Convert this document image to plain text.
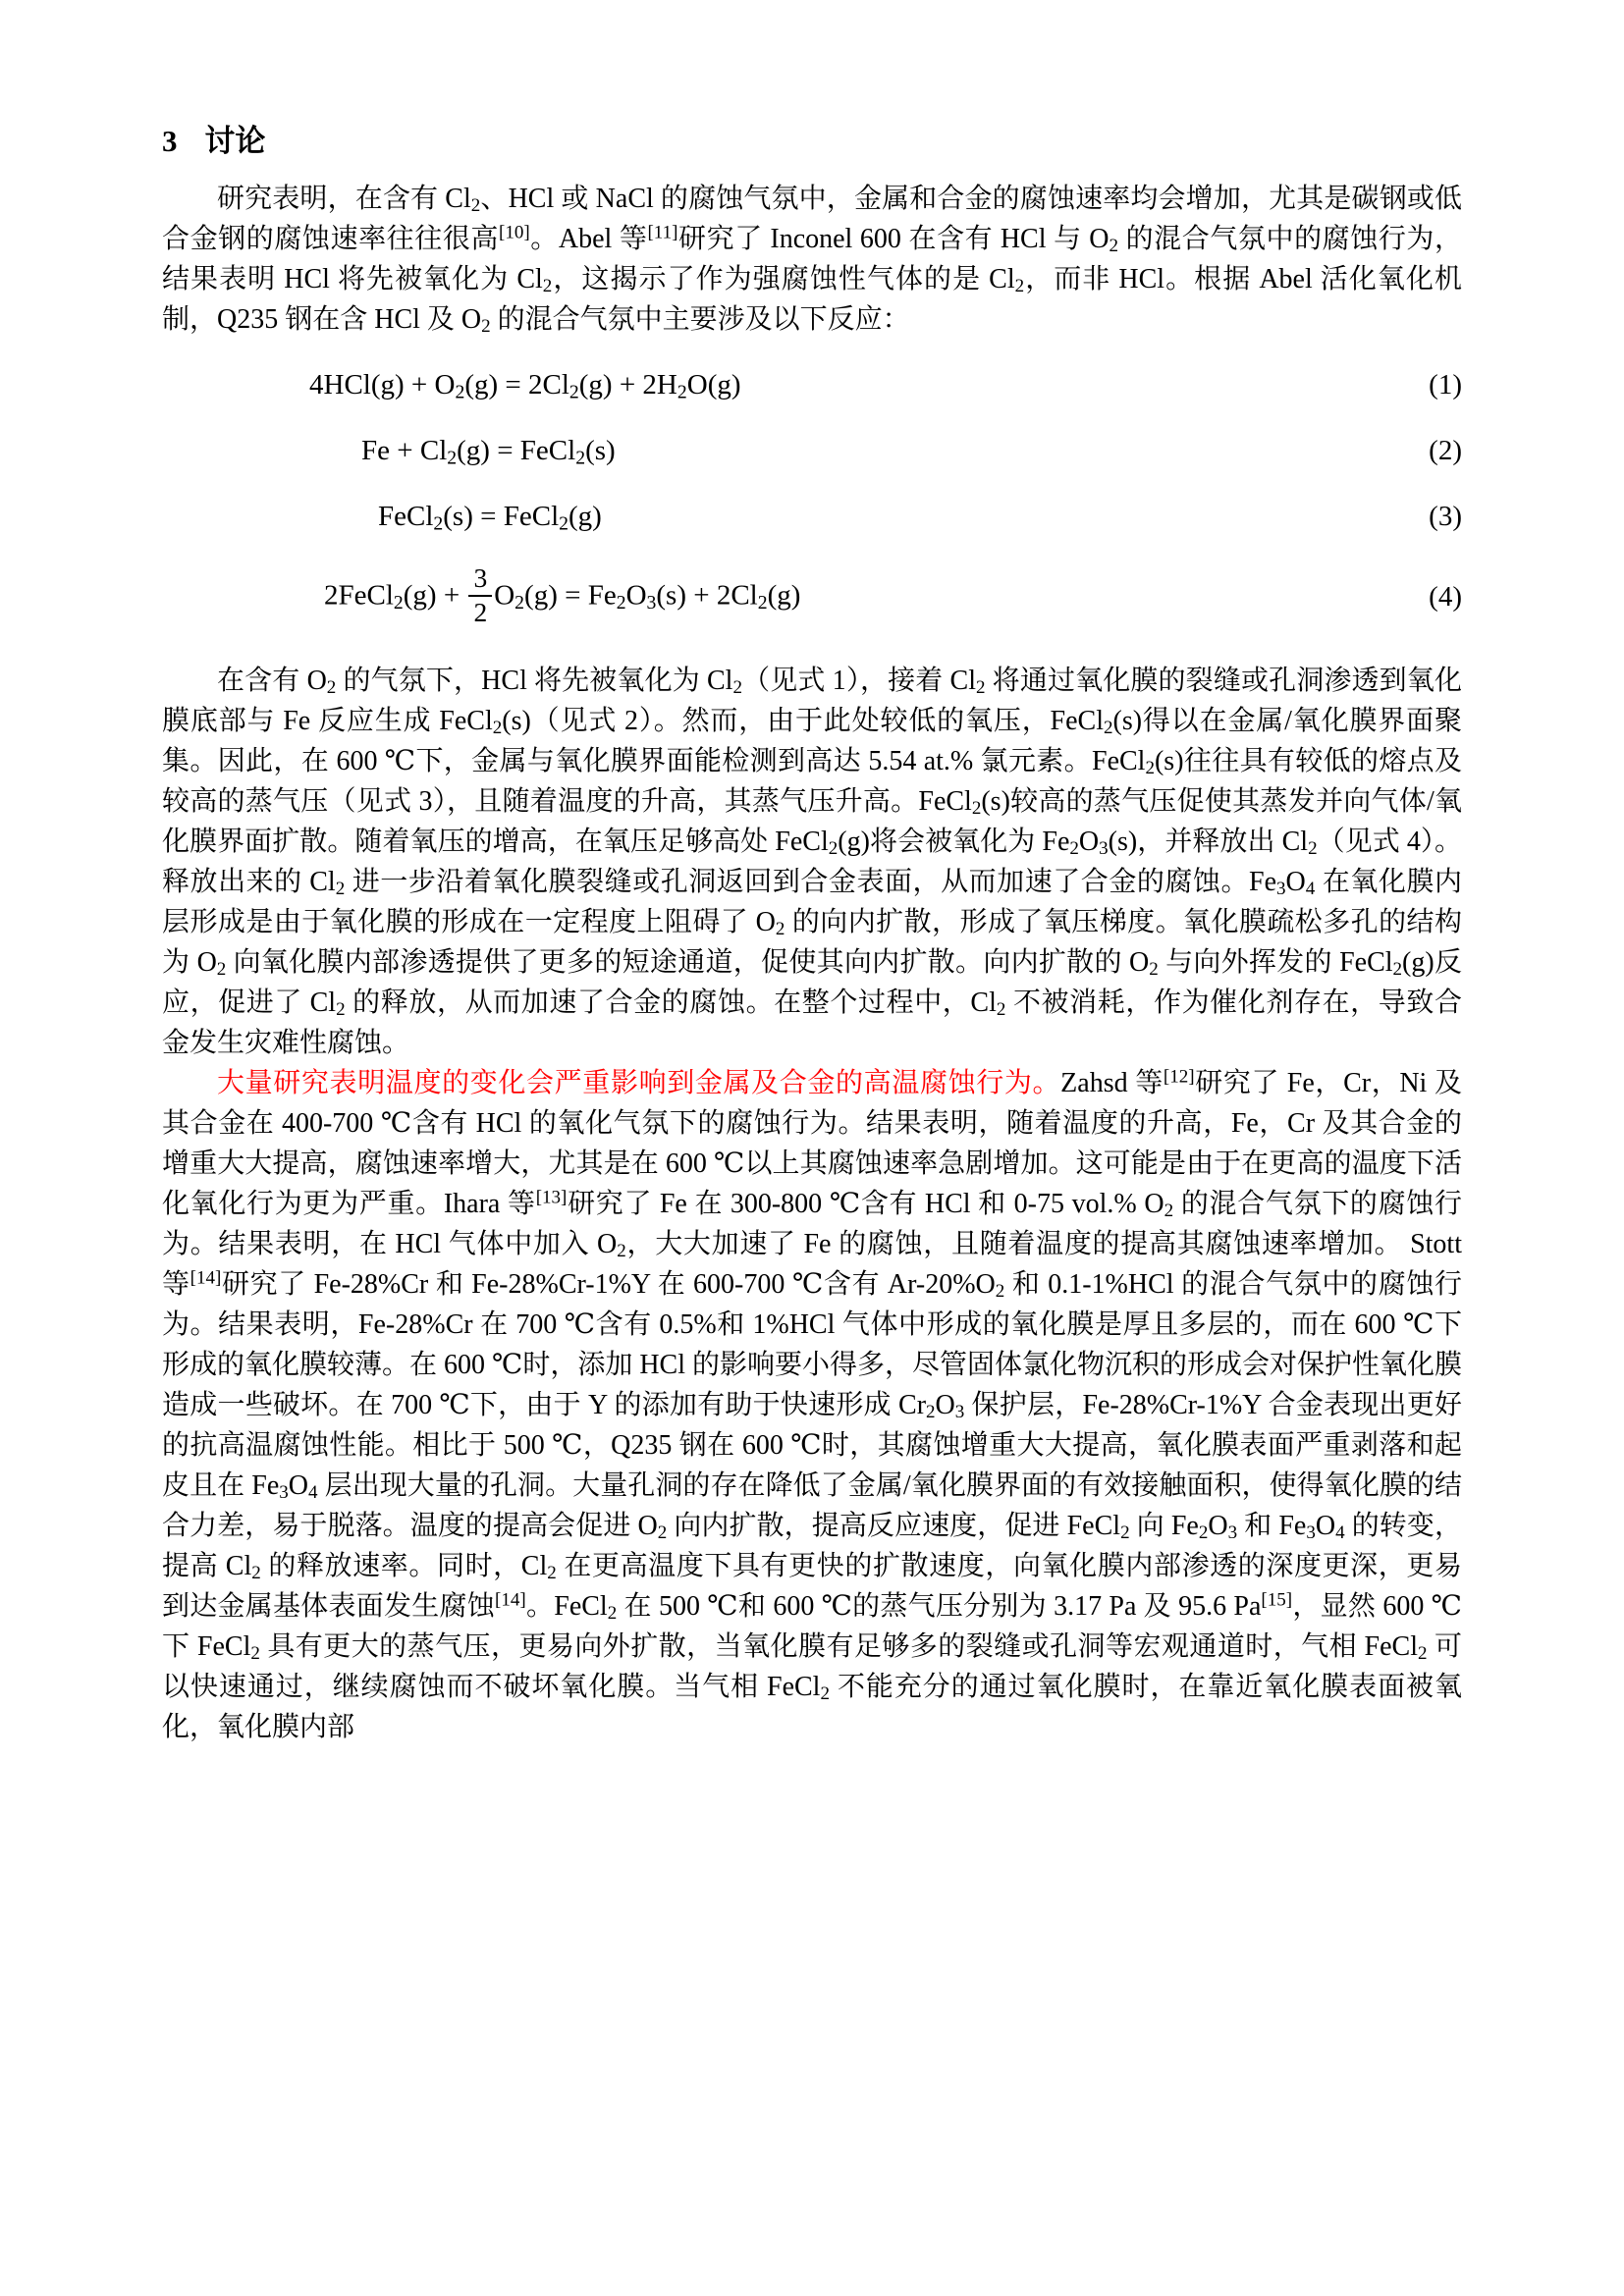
3 讨论

研究表明，在含有 $Cl_2$、HCl 或 NaCl 的腐蚀气氛中，金属和合金的腐蚀速率均会增加，尤其是碳钢或低合金钢的腐蚀速率往往很高[10]。Abel 等[11]研究了 Inconel 600 在含有 HCl 与 $O_2$ 的混合气氛中的腐蚀行为，结果表明 HCl 将先被氧化为 $Cl_2$，这揭示了作为强腐蚀性气体的是 $Cl_2$，而非 HCl。根据 Abel 活化氧化机制，Q235 钢在含 HCl 及 $O_2$ 的混合气氛中主要涉及以下反应：

$4HCl(g) + O_2(g) = 2Cl_2(g) + 2H_2O(g)$	(1)
$Fe + Cl_2(g)$ = FeCl$_2$(s)	(2)
FeCl$_2$(s) = FeCl$_2$(g)	(3)
2FeCl$_2$(g) + $\frac{3}{2} O_2(g) = Fe_2O_3(s) + 2Cl_2(g)$	(4)

在含有 $O_2$ 的气氛下，HCl 将先被氧化为 $Cl_2$（见式 1），接着 $Cl_2$ 将通过氧化膜的裂缝或孔洞渗透到氧化膜底部与 Fe 反应生成 FeCl$_2$(s)（见式 2）。然而，由于此处较低的氧压，FeCl$_2$(s)得以在金属/氧化膜界面聚集。因此，在 600 ℃下，金属与氧化膜界面能检测到高达 5.54 at.% 氯元素。FeCl$_2$(s)往往具有较低的熔点及较高的蒸气压（见式 3），且随着温度的升高，其蒸气压升高。FeCl$_2$(s)较高的蒸气压促使其蒸发并向气体/氧化膜界面扩散。随着氧压的增高，在氧压足够高处 FeCl$_2$(g)将会被氧化为 $Fe_2O_3(s)$，并释放出 $Cl_2$（见式 4）。释放出来的 $Cl_2$ 进一步沿着氧化膜裂缝或孔洞返回到合金表面，从而加速了合金的腐蚀。$Fe_3O_4$ 在氧化膜内层形成是由于氧化膜的形成在一定程度上阻碍了 $O_2$ 的向内扩散，形成了氧压梯度。氧化膜疏松多孔的结构为 $O_2$ 向氧化膜内部渗透提供了更多的短途通道，促使其向内扩散。向内扩散的 $O_2$ 与向外挥发的 FeCl$_2$(g)反应，促进了 $Cl_2$ 的释放，从而加速了合金的腐蚀。在整个过程中，$Cl_2$ 不被消耗，作为催化剂存在，导致合金发生灾难性腐蚀。

大量研究表明温度的变化会严重影响到金属及合金的高温腐蚀行为。Zahsd 等[12]研究了 Fe，Cr，Ni 及其合金在 400-700 ℃含有 HCl 的氧化气氛下的腐蚀行为。结果表明，随着温度的升高，Fe，Cr 及其合金的增重大大提高，腐蚀速率增大，尤其是在 600 ℃以上其腐蚀速率急剧增加。这可能是由于在更高的温度下活化氧化行为更为严重。Ihara 等[13]研究了 Fe 在 300-800 ℃含有 HCl 和 0-75 vol.% $O_2$ 的混合气氛下的腐蚀行为。结果表明，在 HCl 气体中加入 $O_2$，大大加速了 Fe 的腐蚀，且随着温度的提高其腐蚀速率增加。 Stott 等[14]研究了 Fe-28%Cr 和 Fe-28%Cr-1%Y 在 600-700 ℃含有 $Ar-20\%O_2$ 和 0.1-1%HCl 的混合气氛中的腐蚀行为。结果表明，Fe-28%Cr 在 700 ℃含有 0.5%和 1%HCl 气体中形成的氧化膜是厚且多层的，而在 600 ℃下形成的氧化膜较薄。在 600 ℃时，添加 HCl 的影响要小得多，尽管固体氯化物沉积的形成会对保护性氧化膜造成一些破坏。在 700 ℃下，由于 Y 的添加有助于快速形成 $Cr_2O_3$ 保护层，Fe-28%Cr-1%Y 合金表现出更好的抗高温腐蚀性能。相比于 500 ℃，Q235 钢在 600 ℃时，其腐蚀增重大大提高，氧化膜表面严重剥落和起皮且在 $Fe_3O_4$ 层出现大量的孔洞。大量孔洞的存在降低了金属/氧化膜界面的有效接触面积，使得氧化膜的结合力差，易于脱落。温度的提高会促进 $O_2$ 向内扩散，提高反应速度，促进 FeCl$_2$ 向 $Fe_2O_3$ 和 $Fe_3O_4$ 的转变，提高 $Cl_2$ 的释放速率。同时，$Cl_2$ 在更高温度下具有更快的扩散速度，向氧化膜内部渗透的深度更深，更易到达金属基体表面发生腐蚀[14]。FeCl$_2$ 在 500 ℃和 600 ℃的蒸气压分别为 3.17 Pa 及 95.6 Pa[15]，显然 600 ℃下 FeCl$_2$ 具有更大的蒸气压，更易向外扩散，当氧化膜有足够多的裂缝或孔洞等宏观通道时，气相 FeCl$_2$ 可以快速通过，继续腐蚀而不破坏氧化膜。当气相 FeCl$_2$ 不能充分的通过氧化膜时，在靠近氧化膜表面被氧化，氧化膜内部
